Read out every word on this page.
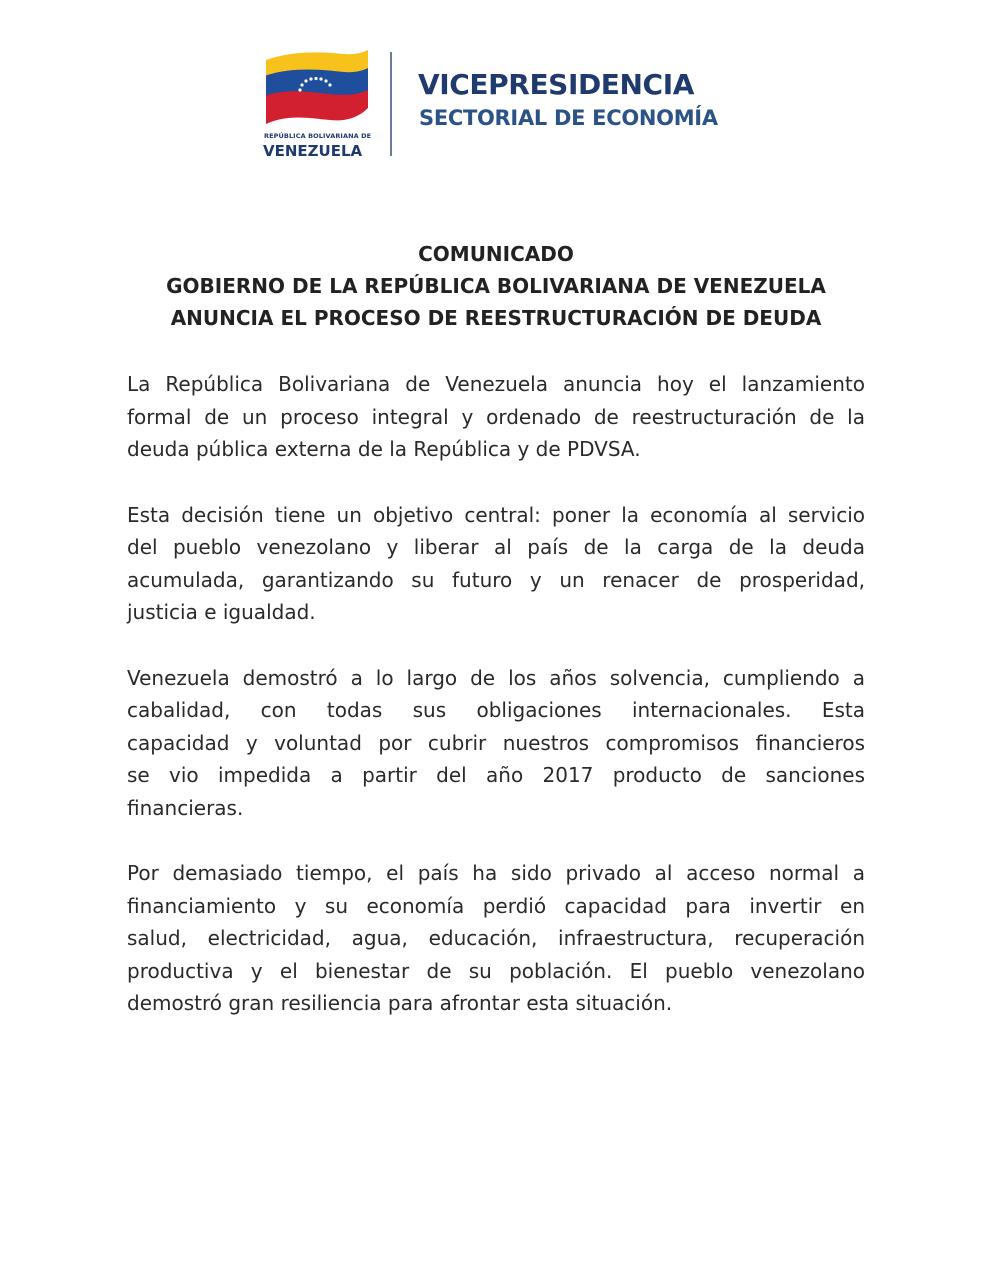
REPÚBLICA BOLIVARIANA DE
VENEZUELA
VICEPRESIDENCIA
SECTORIAL DE ECONOMÍA
COMUNICADO
GOBIERNO DE LA REPÚBLICA BOLIVARIANA DE VENEZUELA
ANUNCIA EL PROCESO DE REESTRUCTURACIÓN DE DEUDA

La República Bolivariana de Venezuela anuncia hoy el lanzamiento
formal de un proceso integral y ordenado de reestructuración de la
deuda pública externa de la República y de PDVSA.

Esta decisión tiene un objetivo central: poner la economía al servicio
del pueblo venezolano y liberar al país de la carga de la deuda
acumulada, garantizando su futuro y un renacer de prosperidad,
justicia e igualdad.

Venezuela demostró a lo largo de los años solvencia, cumpliendo a
cabalidad, con todas sus obligaciones internacionales. Esta
capacidad y voluntad por cubrir nuestros compromisos financieros
se vio impedida a partir del año 2017 producto de sanciones
financieras.

Por demasiado tiempo, el país ha sido privado al acceso normal a
financiamiento y su economía perdió capacidad para invertir en
salud, electricidad, agua, educación, infraestructura, recuperación
productiva y el bienestar de su población. El pueblo venezolano
demostró gran resiliencia para afrontar esta situación.
